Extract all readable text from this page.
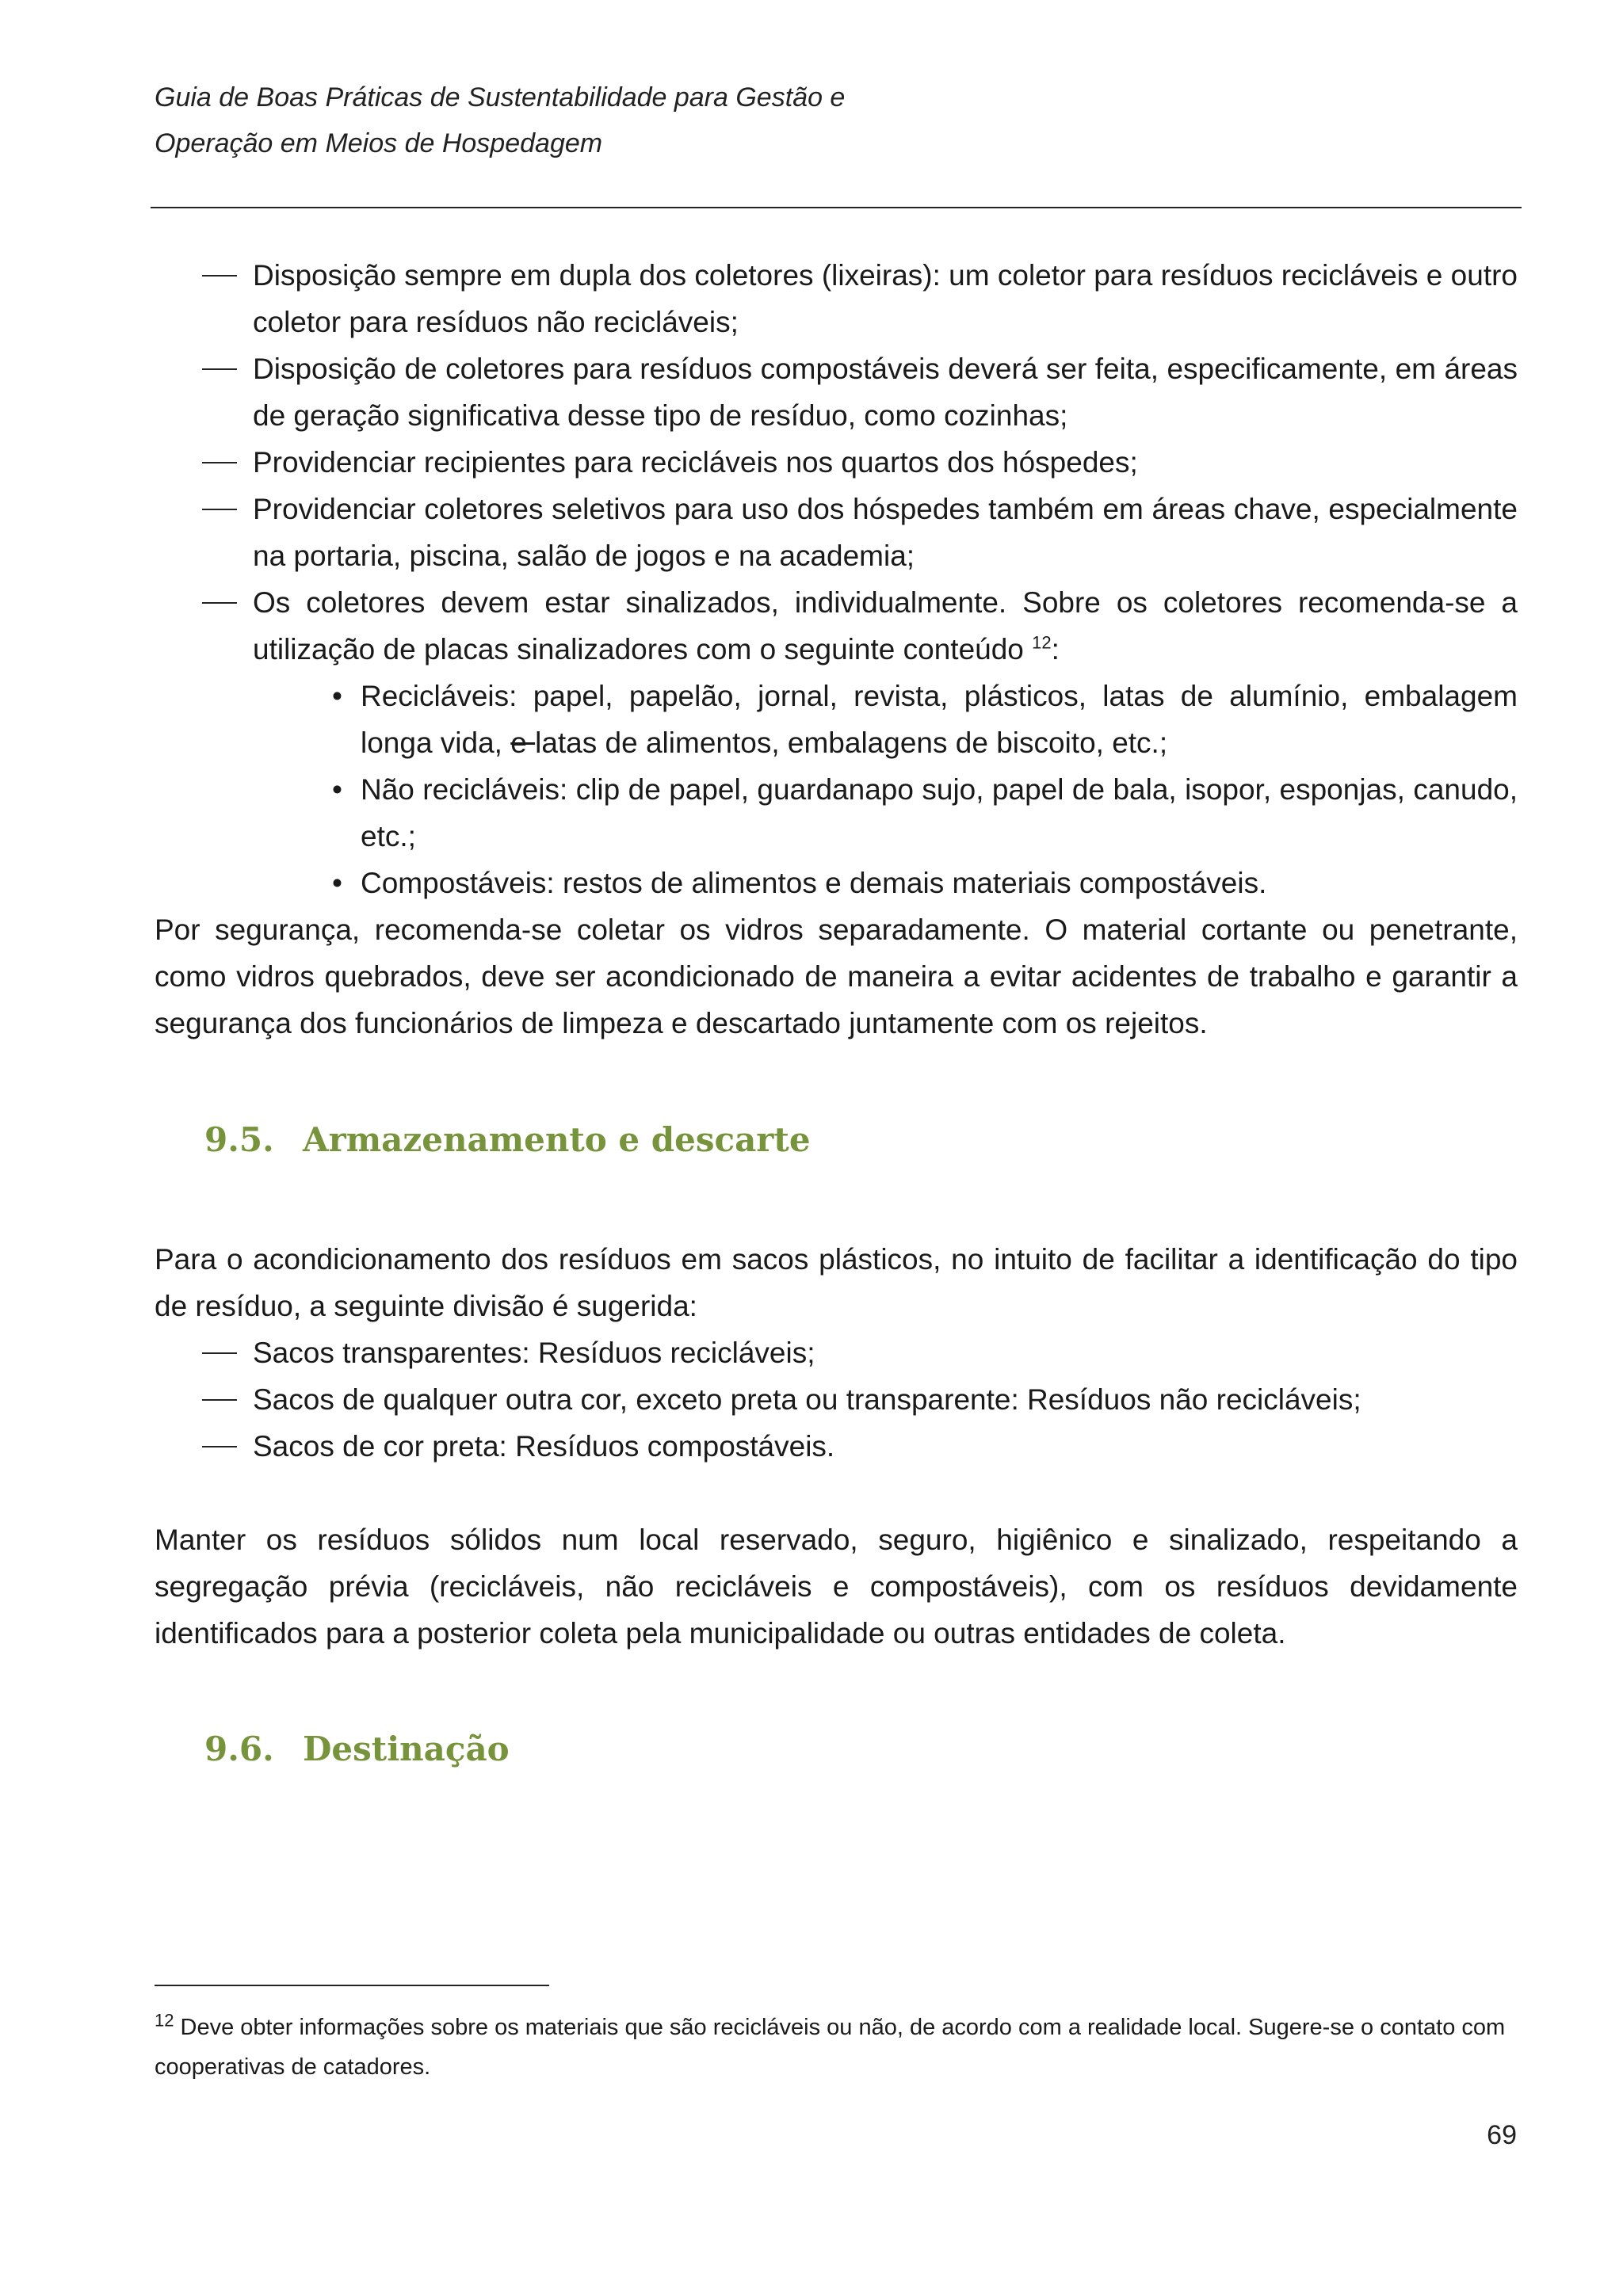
Guia de Boas Práticas de Sustentabilidade para Gestão e
Operação em Meios de Hospedagem
Disposição sempre em dupla dos coletores (lixeiras): um coletor para resíduos recicláveis e outro coletor para resíduos não recicláveis;
Disposição de coletores para resíduos compostáveis deverá ser feita, especificamente, em áreas de geração significativa desse tipo de resíduo, como cozinhas;
Providenciar recipientes para recicláveis nos quartos dos hóspedes;
Providenciar coletores seletivos para uso dos hóspedes também em áreas chave, especialmente na portaria, piscina, salão de jogos e na academia;
Os coletores devem estar sinalizados, individualmente. Sobre os coletores recomenda-se a utilização de placas sinalizadores com o seguinte conteúdo $^{12}$:
• Recicláveis: papel, papelão, jornal, revista, plásticos, latas de alumínio, embalagem longa vida, e latas de alimentos, embalagens de biscoito, etc.;
• Não recicláveis: clip de papel, guardanapo sujo, papel de bala, isopor, esponjas, canudo, etc.;
• Compostáveis: restos de alimentos e demais materiais compostáveis.

Por segurança, recomenda-se coletar os vidros separadamente. O material cortante ou penetrante, como vidros quebrados, deve ser acondicionado de maneira a evitar acidentes de trabalho e garantir a segurança dos funcionários de limpeza e descartado juntamente com os rejeitos.

9.5. Armazenamento e descarte

Para o acondicionamento dos resíduos em sacos plásticos, no intuito de facilitar a identificação do tipo de resíduo, a seguinte divisão é sugerida:

Sacos transparentes: Resíduos recicláveis;
Sacos de qualquer outra cor, exceto preta ou transparente: Resíduos não recicláveis;
Sacos de cor preta: Resíduos compostáveis.

Manter os resíduos sólidos num local reservado, seguro, higiênico e sinalizado, respeitando a segregação prévia (recicláveis, não recicláveis e compostáveis), com os resíduos devidamente identificados para a posterior coleta pela municipalidade ou outras entidades de coleta.

9.6. Destinação
$^{12}$ Deve obter informações sobre os materiais que são recicláveis ou não, de acordo com a realidade local. Sugere-se o contato com cooperativas de catadores.
69
